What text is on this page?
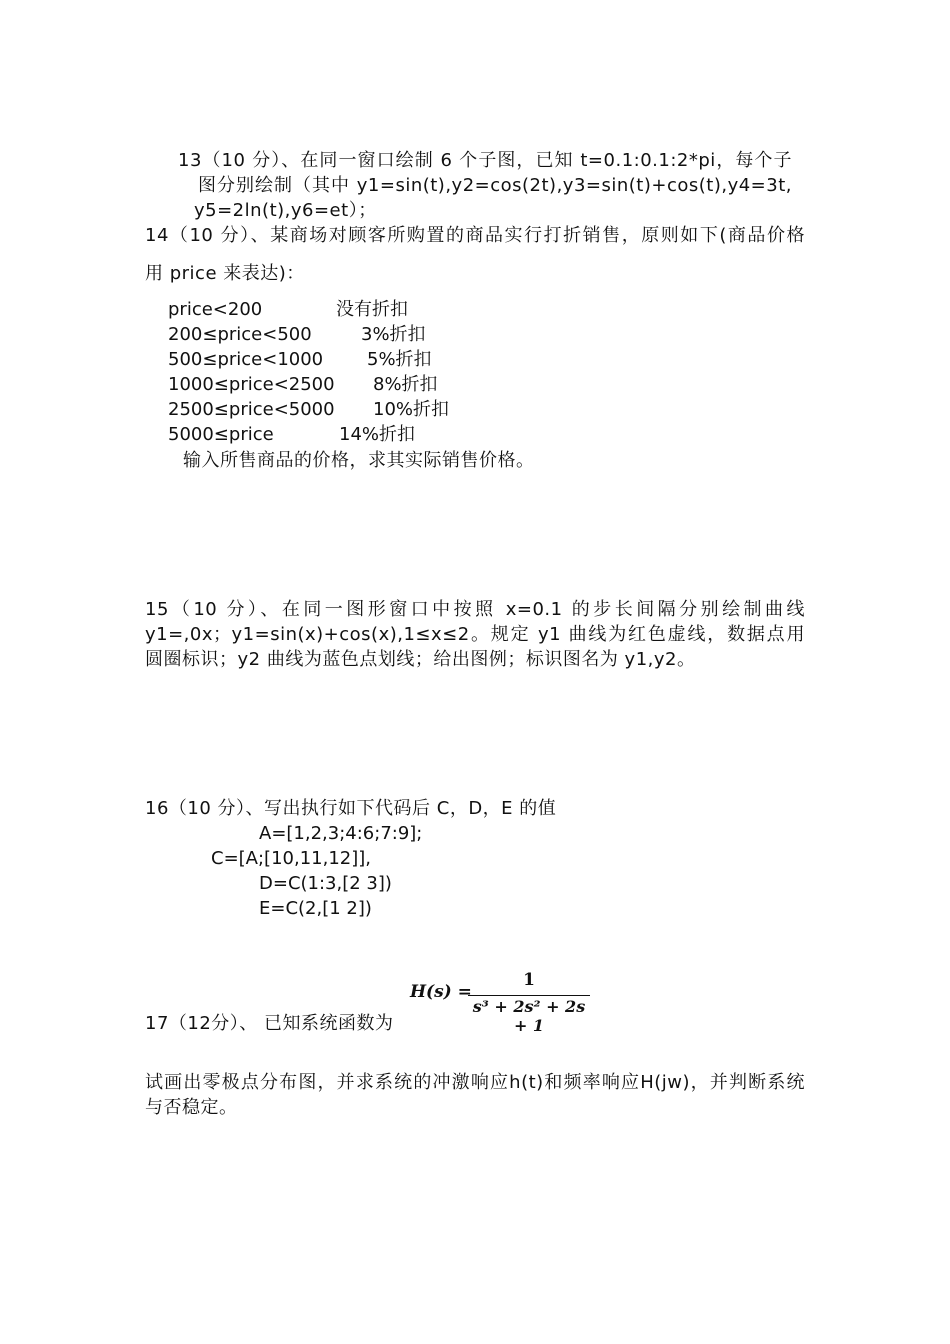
13（10 分）、在同一窗口绘制 6 个子图，已知 t=0.1:0.1:2*pi，每个子
图分别绘制（其中 y1=sin(t),y2=cos(2t),y3=sin(t)+cos(t),y4=3t,
y5=2ln(t),y6=et）；
14（10 分）、某商场对顾客所购置的商品实行打折销售，原则如下(商品价格
用 price 来表达)：
price<200	没有折扣
200≤price<500	3%折扣
500≤price<1000 5%折扣
1000≤price<2500 8%折扣
2500≤price<5000 10%折扣
5000≤price	14%折扣
输入所售商品的价格，求其实际销售价格。
15（10 分）、在同一图形窗口中按照 x=0.1 的步长间隔分别绘制曲线
y1=,0x；y1=sin(x)+cos(x),1≤x≤2。规定 y1 曲线为红色虚线，数据点用
圆圈标识；y2 曲线为蓝色点划线；给出图例；标识图名为 y1,y2。
16（10 分）、写出执行如下代码后 C，D，E 的值
A=[1,2,3;4:6;7:9];
C=[A;[10,11,12]],
D=C(1:3,[2 3])
E=C(2,[1 2])
H(s) =
1
s³ + 2s² + 2s + 1
17（12分）、 已知系统函数为
试画出零极点分布图，并求系统的冲激响应h(t)和频率响应H(jw)，并判断系统
与否稳定。
